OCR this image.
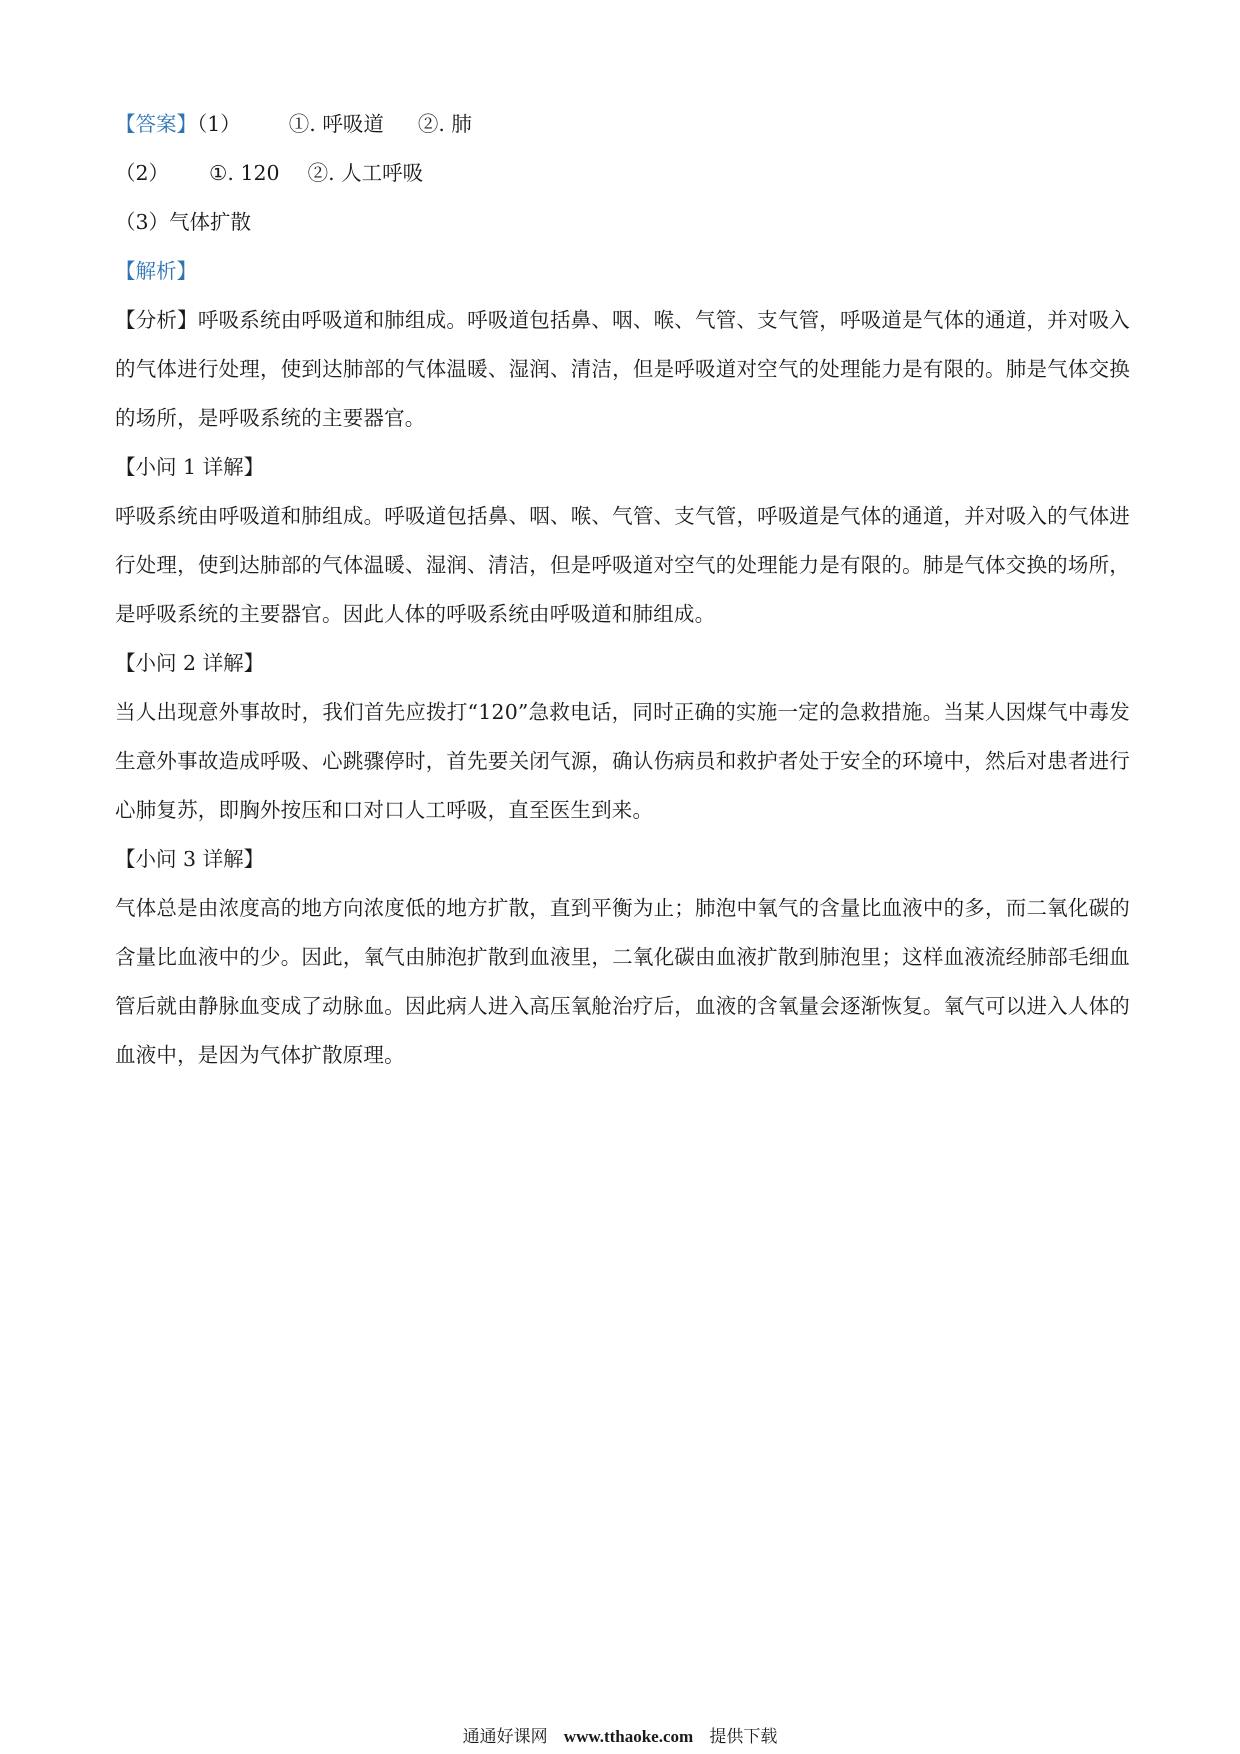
【答案】（1） ①. 呼吸道 ②. 肺

（2） ①. 120 ②. 人工呼吸

（3）气体扩散

【解析】

【分析】呼吸系统由呼吸道和肺组成。呼吸道包括鼻、咽、喉、气管、支气管，呼吸道是气体的通道，并对吸入的气体进行处理，使到达肺部的气体温暖、湿润、清洁，但是呼吸道对空气的处理能力是有限的。肺是气体交换的场所，是呼吸系统的主要器官。

【小问 1 详解】

呼吸系统由呼吸道和肺组成。呼吸道包括鼻、咽、喉、气管、支气管，呼吸道是气体的通道，并对吸入的气体进行处理，使到达肺部的气体温暖、湿润、清洁，但是呼吸道对空气的处理能力是有限的。肺是气体交换的场所，是呼吸系统的主要器官。因此人体的呼吸系统由呼吸道和肺组成。

【小问 2 详解】

当人出现意外事故时，我们首先应拨打“120”急救电话，同时正确的实施一定的急救措施。当某人因煤气中毒发生意外事故造成呼吸、心跳骤停时，首先要关闭气源，确认伤病员和救护者处于安全的环境中，然后对患者进行心肺复苏，即胸外按压和口对口人工呼吸，直至医生到来。

【小问 3 详解】

气体总是由浓度高的地方向浓度低的地方扩散，直到平衡为止；肺泡中氧气的含量比血液中的多，而二氧化碳的含量比血液中的少。因此，氧气由肺泡扩散到血液里，二氧化碳由血液扩散到肺泡里；这样血液流经肺部毛细血管后就由静脉血变成了动脉血。因此病人进入高压氧舱治疗后，血液的含氧量会逐渐恢复。氧气可以进入人体的血液中，是因为气体扩散原理。

通通好课网 www.tthaoke.com 提供下载
